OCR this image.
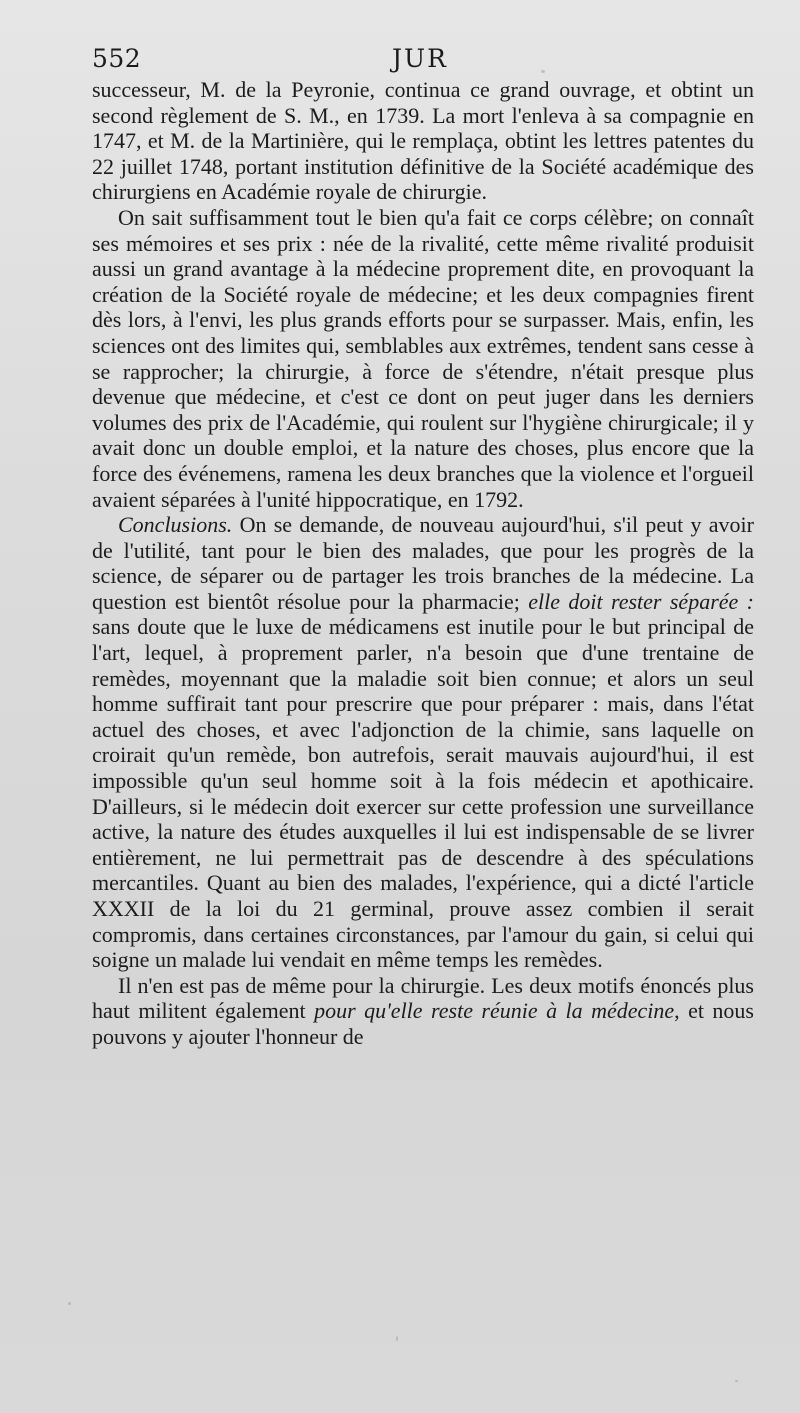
552	JUR

successeur, M. de la Peyronie, continua ce grand ouvrage, et obtint un second règlement de S. M., en 1739. La mort l'enleva à sa compagnie en 1747, et M. de la Martinière, qui le remplaça, obtint les lettres patentes du 22 juillet 1748, portant institution définitive de la Société académique des chirurgiens en Académie royale de chirurgie.

On sait suffisamment tout le bien qu'a fait ce corps célèbre; on connaît ses mémoires et ses prix : née de la rivalité, cette même rivalité produisit aussi un grand avantage à la médecine proprement dite, en provoquant la création de la Société royale de médecine; et les deux compagnies firent dès lors, à l'envi, les plus grands efforts pour se surpasser. Mais, enfin, les sciences ont des limites qui, semblables aux extrêmes, tendent sans cesse à se rapprocher; la chirurgie, à force de s'étendre, n'était presque plus devenue que médecine, et c'est ce dont on peut juger dans les derniers volumes des prix de l'Académie, qui roulent sur l'hygiène chirurgicale; il y avait donc un double emploi, et la nature des choses, plus encore que la force des événemens, ramena les deux branches que la violence et l'orgueil avaient séparées à l'unité hippocratique, en 1792.

Conclusions. On se demande, de nouveau aujourd'hui, s'il peut y avoir de l'utilité, tant pour le bien des malades, que pour les progrès de la science, de séparer ou de partager les trois branches de la médecine. La question est bientôt résolue pour la pharmacie; elle doit rester séparée : sans doute que le luxe de médicamens est inutile pour le but principal de l'art, lequel, à proprement parler, n'a besoin que d'une trentaine de remèdes, moyennant que la maladie soit bien connue; et alors un seul homme suffirait tant pour prescrire que pour préparer : mais, dans l'état actuel des choses, et avec l'adjonction de la chimie, sans laquelle on croirait qu'un remède, bon autrefois, serait mauvais aujourd'hui, il est impossible qu'un seul homme soit à la fois médecin et apothicaire. D'ailleurs, si le médecin doit exercer sur cette profession une surveillance active, la nature des études auxquelles il lui est indispensable de se livrer entièrement, ne lui permettrait pas de descendre à des spéculations mercantiles. Quant au bien des malades, l'expérience, qui a dicté l'article XXXII de la loi du 21 germinal, prouve assez combien il serait compromis, dans certaines circonstances, par l'amour du gain, si celui qui soigne un malade lui vendait en même temps les remèdes.

Il n'en est pas de même pour la chirurgie. Les deux motifs énoncés plus haut militent également pour qu'elle reste réunie à la médecine, et nous pouvons y ajouter l'honneur de
